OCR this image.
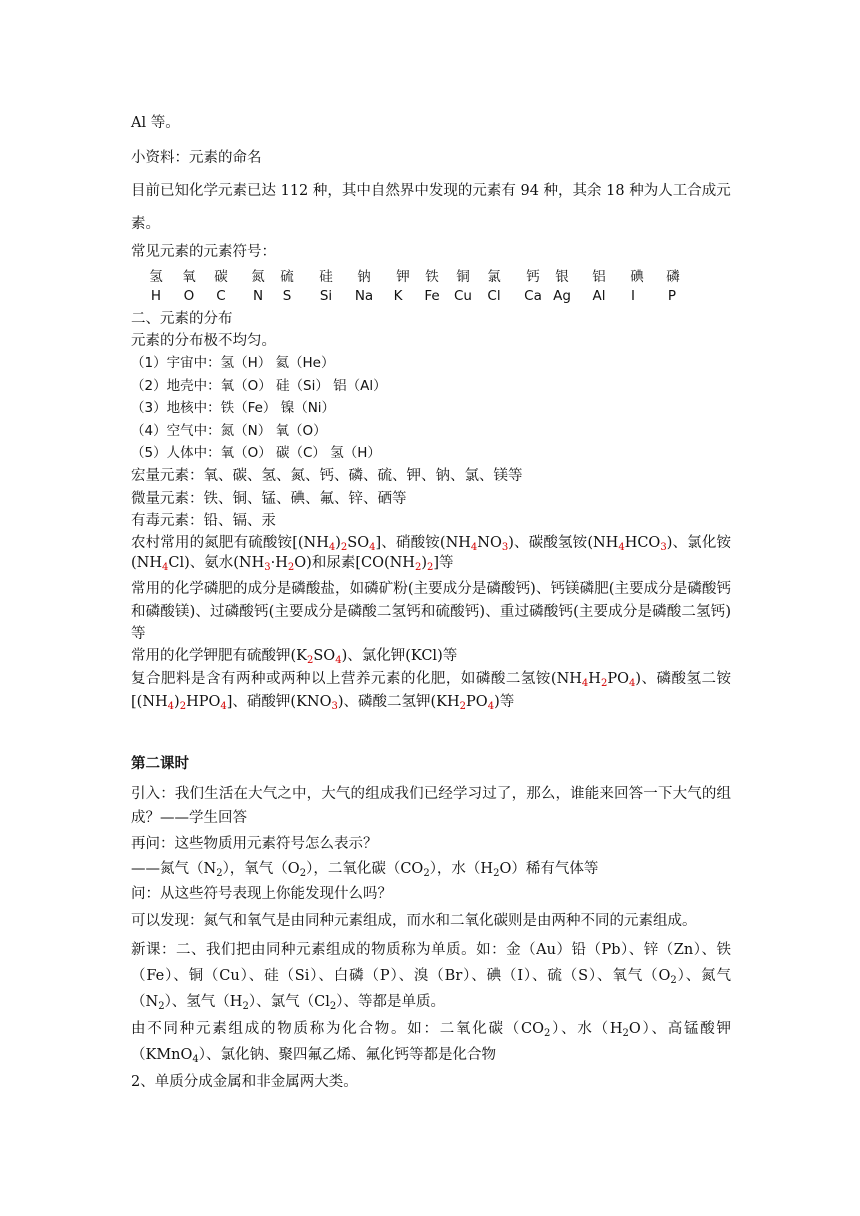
Al 等。
小资料：元素的命名
目前已知化学元素已达 112 种，其中自然界中发现的元素有 94 种，其余 18 种为人工合成元
素。
常见元素的元素符号：
氢	氧	碳	氮	硫	硅	钠	钾	铁	铜	氯	钙	银	铝	碘	磷
H	O	C	N	S	Si	Na	K	Fe	Cu	Cl	Ca Ag	Al	I	P
二、元素的分布
元素的分布极不均匀。
（1）宇宙中：氢（H） 氦（He）
（2）地壳中：氧（O） 硅（Si） 铝（Al）
（3）地核中：铁（Fe） 镍（Ni）
（4）空气中：氮（N） 氧（O）
（5）人体中：氧（O） 碳（C） 氢（H）
宏量元素：氧、碳、氢、氮、钙、磷、硫、钾、钠、氯、镁等
微量元素：铁、铜、锰、碘、氟、锌、硒等
有毒元素：铅、镉、汞
农村常用的氮肥有硫酸铵$[(NH_4)_2SO_4]$、硝酸铵$(NH_4NO_3)$、碳酸氢铵$(NH_4HCO_3)$、氯化铵$(NH_4Cl)$、氨水$(NH_3\cdot H_2O)$和尿素$[CO(NH_2)_2]$等
常用的化学磷肥的成分是磷酸盐，如磷矿粉(主要成分是磷酸钙)、钙镁磷肥(主要成分是磷酸钙和磷酸镁)、过磷酸钙(主要成分是磷酸二氢钙和硫酸钙)、重过磷酸钙(主要成分是磷酸二氢钙)等
常用的化学钾肥有硫酸钾$(K_2SO_4)$、氯化钾(KCl)等
复合肥料是含有两种或两种以上营养元素的化肥，如磷酸二氢铵$(NH_4H_2PO_4)$、磷酸氢二铵$[(NH_4)_2HPO_4]$、硝酸钾$(KNO_3)$、磷酸二氢钾$(KH_2PO_4)$等
第二课时
引入：我们生活在大气之中，大气的组成我们已经学习过了，那么，谁能来回答一下大气的组成？——学生回答
再问：这些物质用元素符号怎么表示？
——氮气$(N_2)$，氧气$(O_2)$，二氧化碳$(CO_2)$，水$(H_2O)$稀有气体等
问：从这些符号表现上你能发现什么吗？
可以发现：氮气和氧气是由同种元素组成，而水和二氧化碳则是由两种不同的元素组成。
新课：二、我们把由同种元素组成的物质称为单质。如：金（Au）铅（Pb）、锌（Zn）、铁（Fe）、铜（Cu）、硅（Si）、白磷（P）、溴（Br）、碘（I）、硫（S）、氧气$(O_2)$、氮气$(N_2)$、氢气$(H_2)$、氯气$(Cl_2)$、等都是单质。
由不同种元素组成的物质称为化合物。如：二氧化碳$(CO_2)$、水$(H_2O)$、高锰酸钾（KMnO$_4$）、氯化钠、聚四氟乙烯、氟化钙等都是化合物
2、单质分成金属和非金属两大类。
